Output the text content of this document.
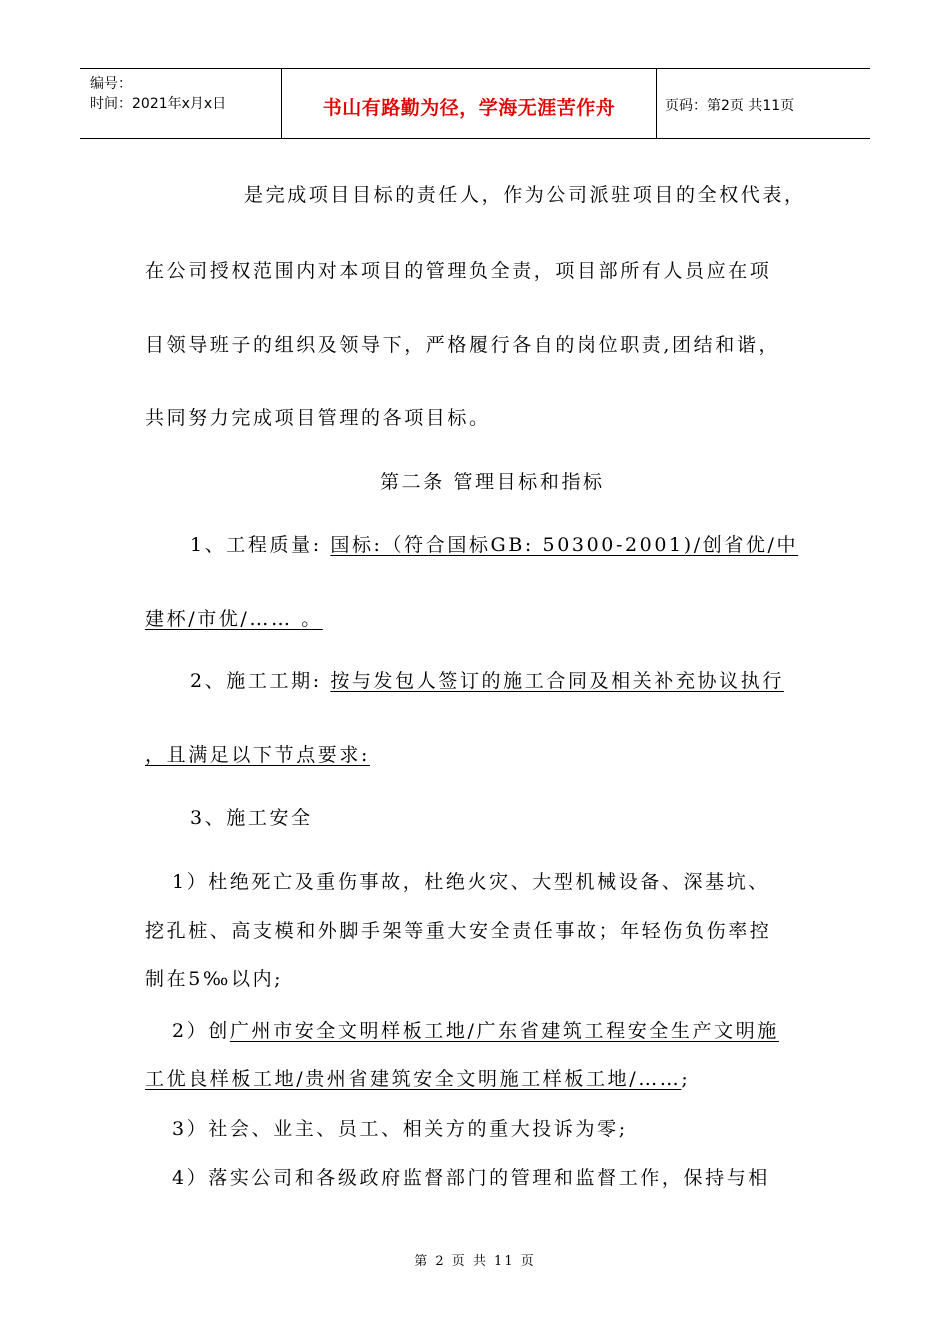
编号：
时间：2021年x月x日	书山有路勤为径，学海无涯苦作舟	页码：第2页 共11页
是完成项目目标的责任人，作为公司派驻项目的全权代表，
在公司授权范围内对本项目的管理负全责，项目部所有人员应在项
目领导班子的组织及领导下，严格履行各自的岗位职责,团结和谐，
共同努力完成项目管理的各项目标。
第二条 管理目标和指标
1、工程质量: 国标:（符合国标GB: 50300-2001)/创省优/中
建杯/市优/…… 。
2、施工工期: 按与发包人签订的施工合同及相关补充协议执行
，且满足以下节点要求:
3、施工安全
1）杜绝死亡及重伤事故，杜绝火灾、大型机械设备、深基坑、
挖孔桩、高支模和外脚手架等重大安全责任事故；年轻伤负伤率控
制在5‰以内;
2）创广州市安全文明样板工地/广东省建筑工程安全生产文明施
工优良样板工地/贵州省建筑安全文明施工样板工地/……;
3）社会、业主、员工、相关方的重大投诉为零;
4）落实公司和各级政府监督部门的管理和监督工作，保持与相
第 2 页 共 11 页
